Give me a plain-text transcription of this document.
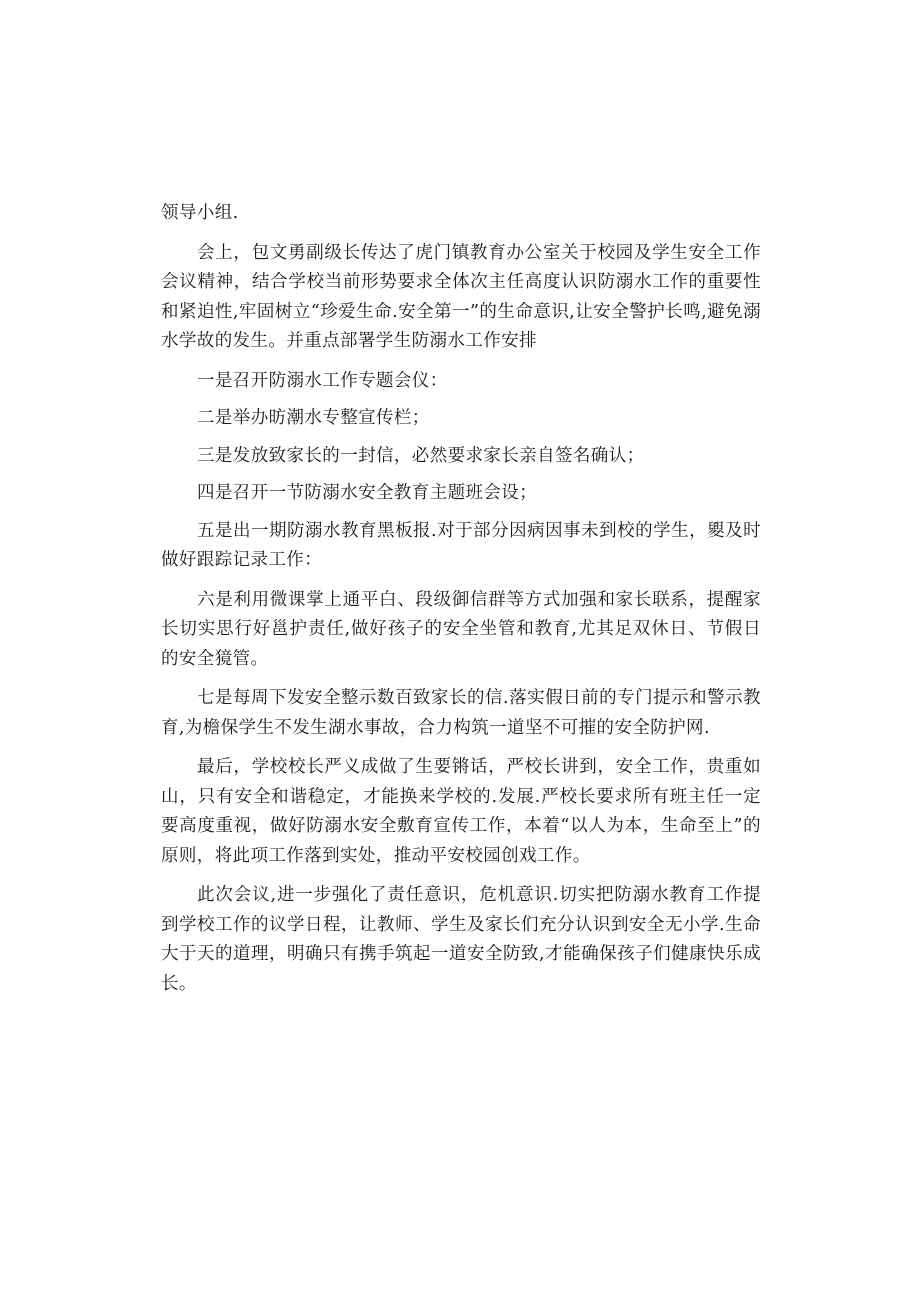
领导小组.

会上，包文勇副级长传达了虎门镇教育办公室关于校园及学生安全工作会议精神，结合学校当前形势要求全体次主任高度认识防溺水工作的重要性和紧迫性,牢固树立“珍爱生命.安全第一”的生命意识,让安全警护长鸣,避免溺水学故的发生。并重点部署学生防溺水工作安排

一是召开防溺水工作专题会仪：

二是举办昉潮水专整宣传栏；

三是发放致家长的一封信，必然要求家长亲自签名确认；

四是召开一节防溺水安全教育主题班会设；

五是出一期防溺水教育黑板报.对于部分因病因事未到校的学生，夓及时做好跟踪记录工作：

六是利用微课掌上通平白、段级御信群等方式加强和家长联系，提醒家长切实思行好邕护责任,做好孩子的安全坐管和教育,尤其足双休日、节假日的安全獍管。

七是每周下发安全整示数百致家长的信.落实假日前的专门提示和警示教育,为檐保学生不发生湖水事故，合力构筑一道坚不可摧的安全防护网.

最后，学校校长严义成做了生要锵话，严校长讲到，安全工作，贵重如山，只有安全和谐稳定，才能换来学校的.发展.严校长要求所有班主任一定要高度重视，做好防溺水安全敷育宣传工作，本着“以人为本，生命至上”的原则，将此项工作落到实处，推动平安校园创戏工作。

此次会议,进一步强化了责任意识，危机意识.切实把防溺水教育工作提到学校工作的议学日程，让教师、学生及家长们充分认识到安全无小学.生命大于天的道理，明确只有携手筑起一道安全防致,才能确保孩子们健康快乐成长。
